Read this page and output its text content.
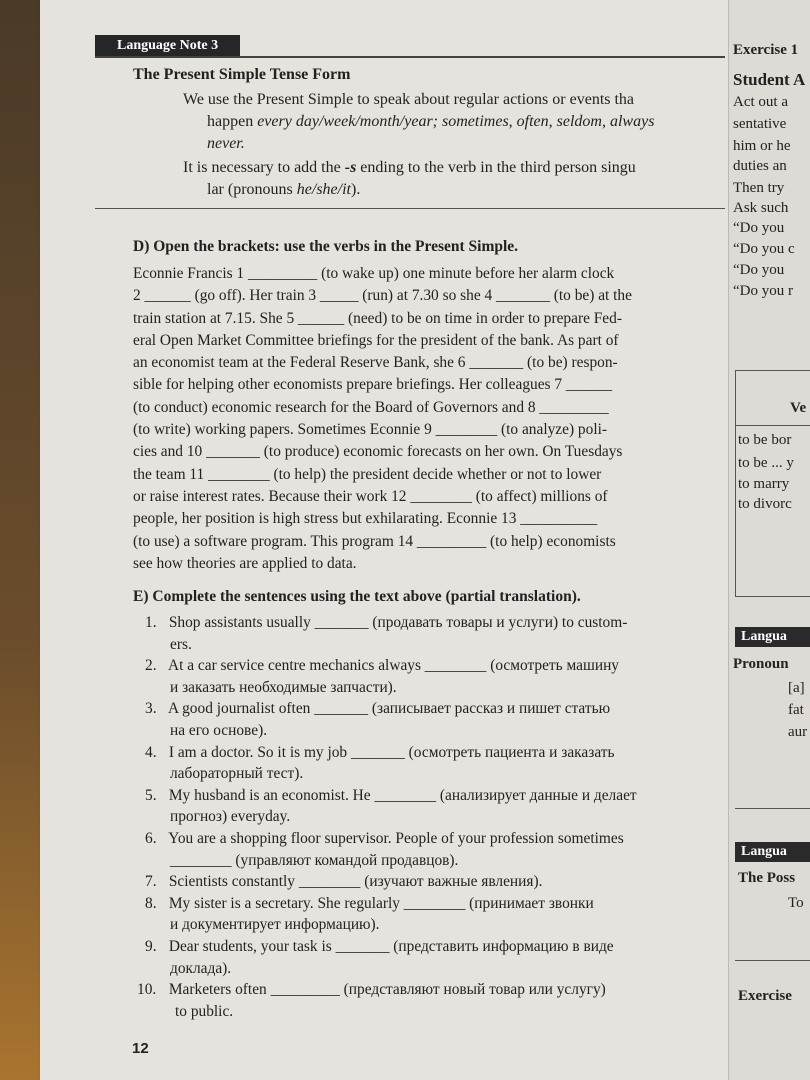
Exercise 1
Student A
Act out a
sentative
him or he
duties an
Then try
Ask such
“Do you
“Do you c
“Do you
“Do you r
Ve
to be bor
to be ... y
to marry
to divorc
Langua
Pronoun
[a]
fat
aur
Langua
The Poss
To
Exercise
Language Note 3
The Present Simple Tense Form
We use the Present Simple to speak about regular actions or events tha
happen every day/week/month/year; sometimes, often, seldom, always
never.
It is necessary to add the -s ending to the verb in the third person singu
lar (pronouns he/she/it).
D) Open the brackets: use the verbs in the Present Simple.
Econnie Francis 1 _________ (to wake up) one minute before her alarm clock
2 ______ (go off). Her train 3 _____ (run) at 7.30 so she 4 _______ (to be) at the
train station at 7.15. She 5 ______ (need) to be on time in order to prepare Fed-
eral Open Market Committee briefings for the president of the bank. As part of
an economist team at the Federal Reserve Bank, she 6 _______ (to be) respon-
sible for helping other economists prepare briefings. Her colleagues 7 ______
(to conduct) economic research for the Board of Governors and 8 _________
(to write) working papers. Sometimes Econnie 9 ________ (to analyze) poli-
cies and 10 _______ (to produce) economic forecasts on her own. On Tuesdays
the team 11 ________ (to help) the president decide whether or not to lower
or raise interest rates. Because their work 12 ________ (to affect) millions of
people, her position is high stress but exhilarating. Econnie 13 __________
(to use) a software program. This program 14 _________ (to help) economists
see how theories are applied to data.
E) Complete the sentences using the text above (partial translation).
1. Shop assistants usually _______ (продавать товары и услуги) to custom-
ers.
2. At a car service centre mechanics always ________ (осмотреть машину
и заказать необходимые запчасти).
3. A good journalist often _______ (записывает рассказ и пишет статью
на его основе).
4. I am a doctor. So it is my job _______ (осмотреть пациента и заказать
лабораторный тест).
5. My husband is an economist. He ________ (анализирует данные и делает
прогноз) everyday.
6. You are a shopping floor supervisor. People of your profession sometimes
________ (управляют командой продавцов).
7. Scientists constantly ________ (изучают важные явления).
8. My sister is a secretary. She regularly ________ (принимает звонки
и документирует информацию).
9. Dear students, your task is _______ (представить информацию в виде
доклада).
10. Marketers often _________ (представляют новый товар или услугу)
to public.
12
